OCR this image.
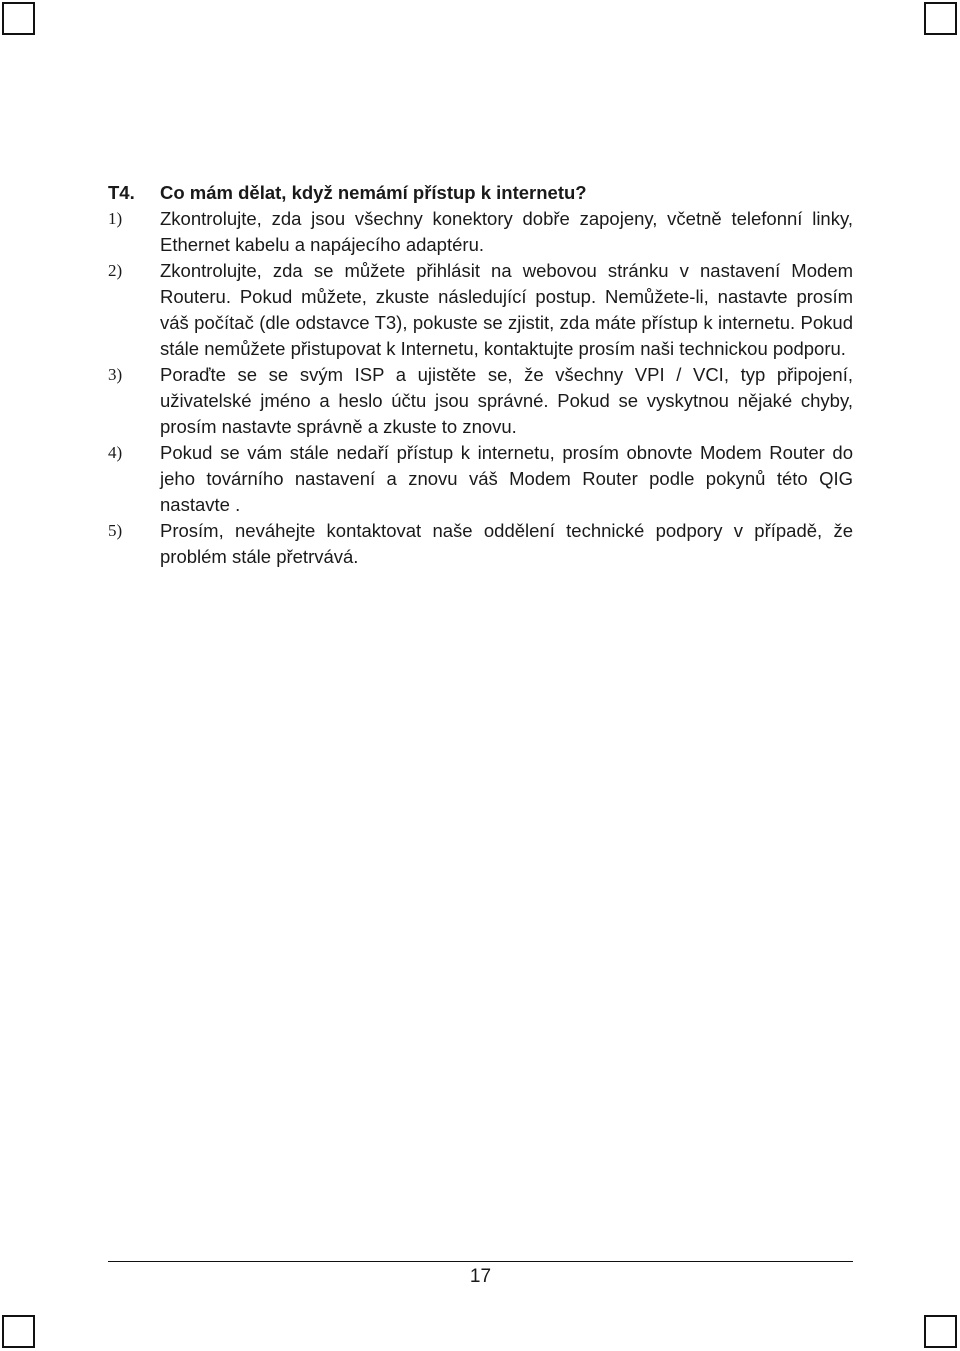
T4.	Co mám dělat, když nemámí přístup k internetu?
1)	Zkontrolujte, zda jsou všechny konektory dobře zapojeny, včetně telefonní linky, Ethernet kabelu a napájecího adaptéru.
2)	Zkontrolujte, zda se můžete přihlásit na webovou stránku v nastavení Modem Routeru. Pokud můžete, zkuste následující postup. Nemůžete-li, nastavte prosím váš počítač (dle odstavce T3), pokuste se zjistit, zda máte přístup k internetu. Pokud stále nemůžete přistupovat k Internetu, kontaktujte prosím naši technickou podporu.
3)	Poraďte se se svým ISP a ujistěte se, že všechny VPI / VCI, typ připojení, uživatelské jméno a heslo účtu jsou správné. Pokud se vyskytnou nějaké chyby, prosím nastavte správně a zkuste to znovu.
4)	Pokud se vám stále nedaří přístup k internetu, prosím obnovte Modem Router do jeho továrního nastavení a znovu váš Modem Router podle pokynů této QIG nastavte .
5)	Prosím, neváhejte kontaktovat naše oddělení technické podpory v případě, že problém stále přetrvává.
17
